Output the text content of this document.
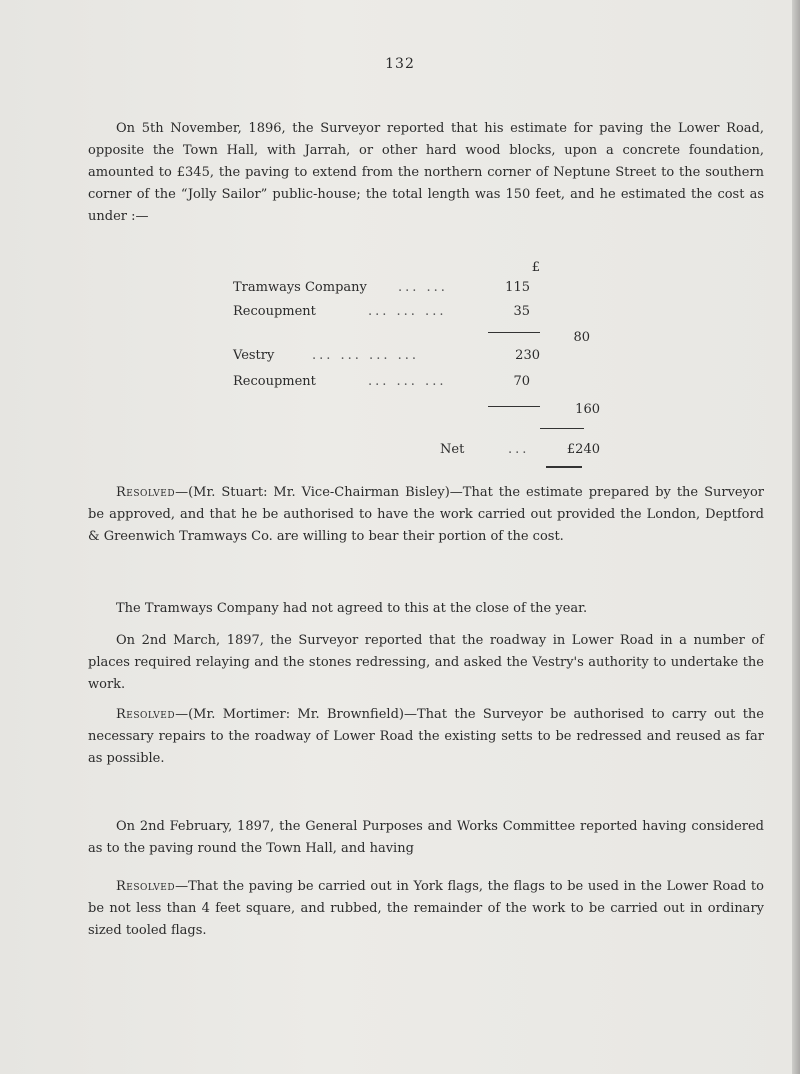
132

On 5th November, 1896, the Surveyor reported that his estimate for paving the Lower Road, opposite the Town Hall, with Jarrah, or other hard wood blocks, upon a concrete foundation, amounted to £345, the paving to extend from the northern corner of Neptune Street to the southern corner of the “Jolly Sailor” public-house; the total length was 150 feet, and he estimated the cost as under :—

£
Tramways Company ... ...	115
Recoupment	... ... ...	35
80
Vestry	... ... ... ...	230
Recoupment	... ... ...	70
160
Net	...	£240

Resolved—(Mr. Stuart: Mr. Vice-Chairman Bisley)—That the estimate prepared by the Surveyor be approved, and that he be authorised to have the work carried out provided the London, Deptford & Greenwich Tramways Co. are willing to bear their portion of the cost.

The Tramways Company had not agreed to this at the close of the year.

On 2nd March, 1897, the Surveyor reported that the roadway in Lower Road in a number of places required relaying and the stones redressing, and asked the Vestry's authority to undertake the work.

Resolved—(Mr. Mortimer: Mr. Brownfield)—That the Surveyor be authorised to carry out the necessary repairs to the roadway of Lower Road the existing setts to be redressed and reused as far as possible.

On 2nd February, 1897, the General Purposes and Works Committee reported having considered as to the paving round the Town Hall, and having

Resolved—That the paving be carried out in York flags, the flags to be used in the Lower Road to be not less than 4 feet square, and rubbed, the remainder of the work to be carried out in ordinary sized tooled flags.
